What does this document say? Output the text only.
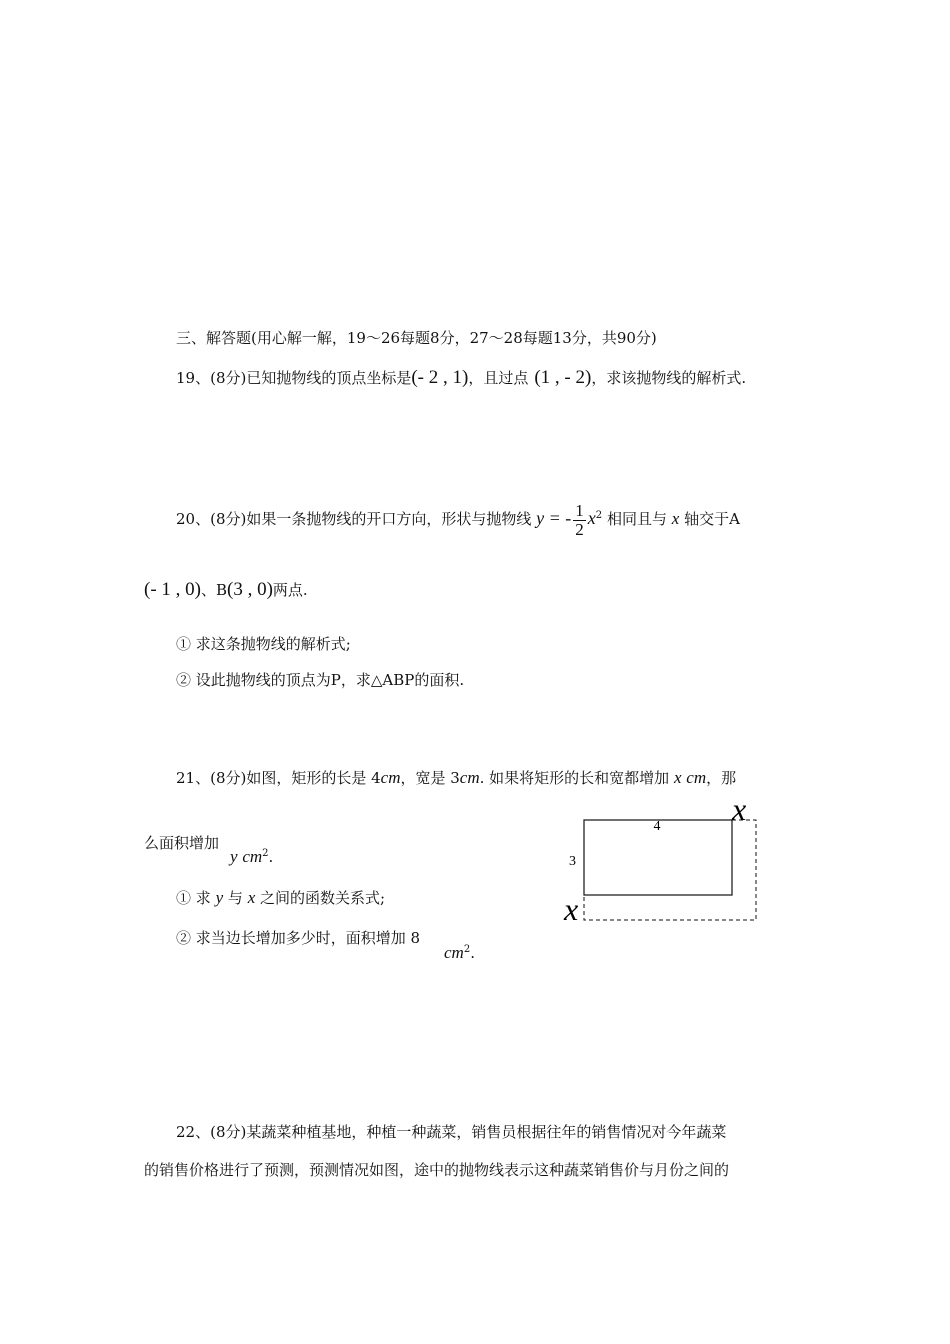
三、解答题(用心解一解，19～26每题8分，27～28每题13分，共90分)
19、(8分)已知抛物线的顶点坐标是(- 2 , 1)，且过点 (1 , - 2)，求该抛物线的解析式.
20、(8分)如果一条抛物线的开口方向，形状与抛物线 y = - $\frac{1}{2} x^2$ 相同且与 x 轴交于A
(- 1 , 0)、B(3 , 0)两点.
① 求这条抛物线的解析式;
② 设此抛物线的顶点为P，求△ABP的面积.
21、(8分)如图，矩形的长是 4cm，宽是 3cm. 如果将矩形的长和宽都增加 x cm，那
么面积增加
y $cm^2$.
① 求 y 与 x 之间的函数关系式;
② 求当边长增加多少时，面积增加 8
$cm^2$.
4
3
x
x
22、(8分)某蔬菜种植基地，种植一种蔬菜，销售员根据往年的销售情况对今年蔬菜
的销售价格进行了预测，预测情况如图，途中的抛物线表示这种蔬菜销售价与月份之间的
